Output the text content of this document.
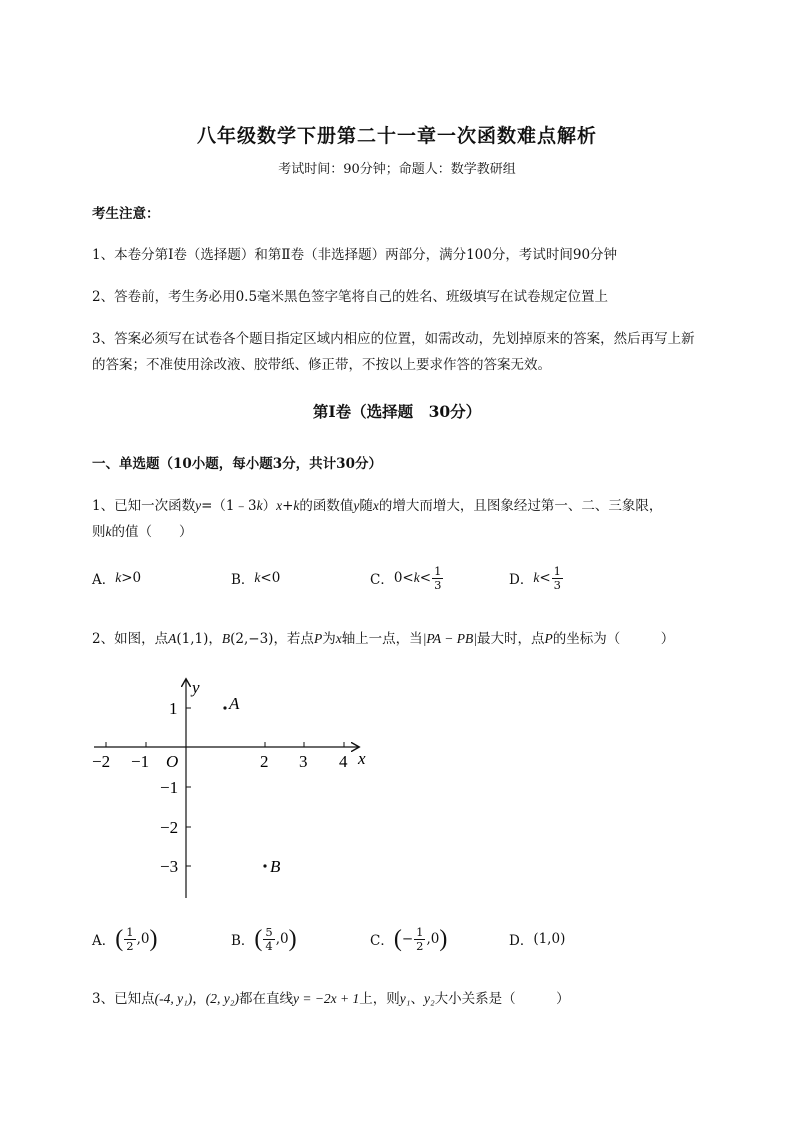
八年级数学下册第二十一章一次函数难点解析
考试时间：90分钟；命题人：数学教研组
考生注意：
1、本卷分第I卷（选择题）和第Ⅱ卷（非选择题）两部分，满分100分，考试时间90分钟
2、答卷前，考生务必用0.5毫米黑色签字笔将自己的姓名、班级填写在试卷规定位置上
3、答案必须写在试卷各个题目指定区域内相应的位置，如需改动，先划掉原来的答案，然后再写上新
的答案；不准使用涂改液、胶带纸、修正带，不按以上要求作答的答案无效。
第I卷（选择题　30分）
一、单选题（10小题，每小题3分，共计30分）
1、已知一次函数y=（1﹣3k）x+k的函数值y随x的增大而增大，且图象经过第一、二、三象限，
则k的值（　　）
A． k >0	B． k <0	C． $0< k < \frac{1}{3}$	D． $k < \frac{1}{3}$
2、如图，点A(1,1)，B(2,−3)，若点P为x轴上一点，当|PA − PB|最大时，点P的坐标为（　　　）
y
x
O
−2 −1	2 3 4
1
−1
−2
−3
A
B
A． ( $\frac{1}{2} ,0$ )	B． ( $\frac{5}{4} ,0$ )	C． ( − $\frac{1}{2} ,0$ )	D． (1,0)
3、已知点(-4, y₁)，(2, y₂)都在直线y = −2x + 1上，则y₁、y₂大小关系是（　　　）
